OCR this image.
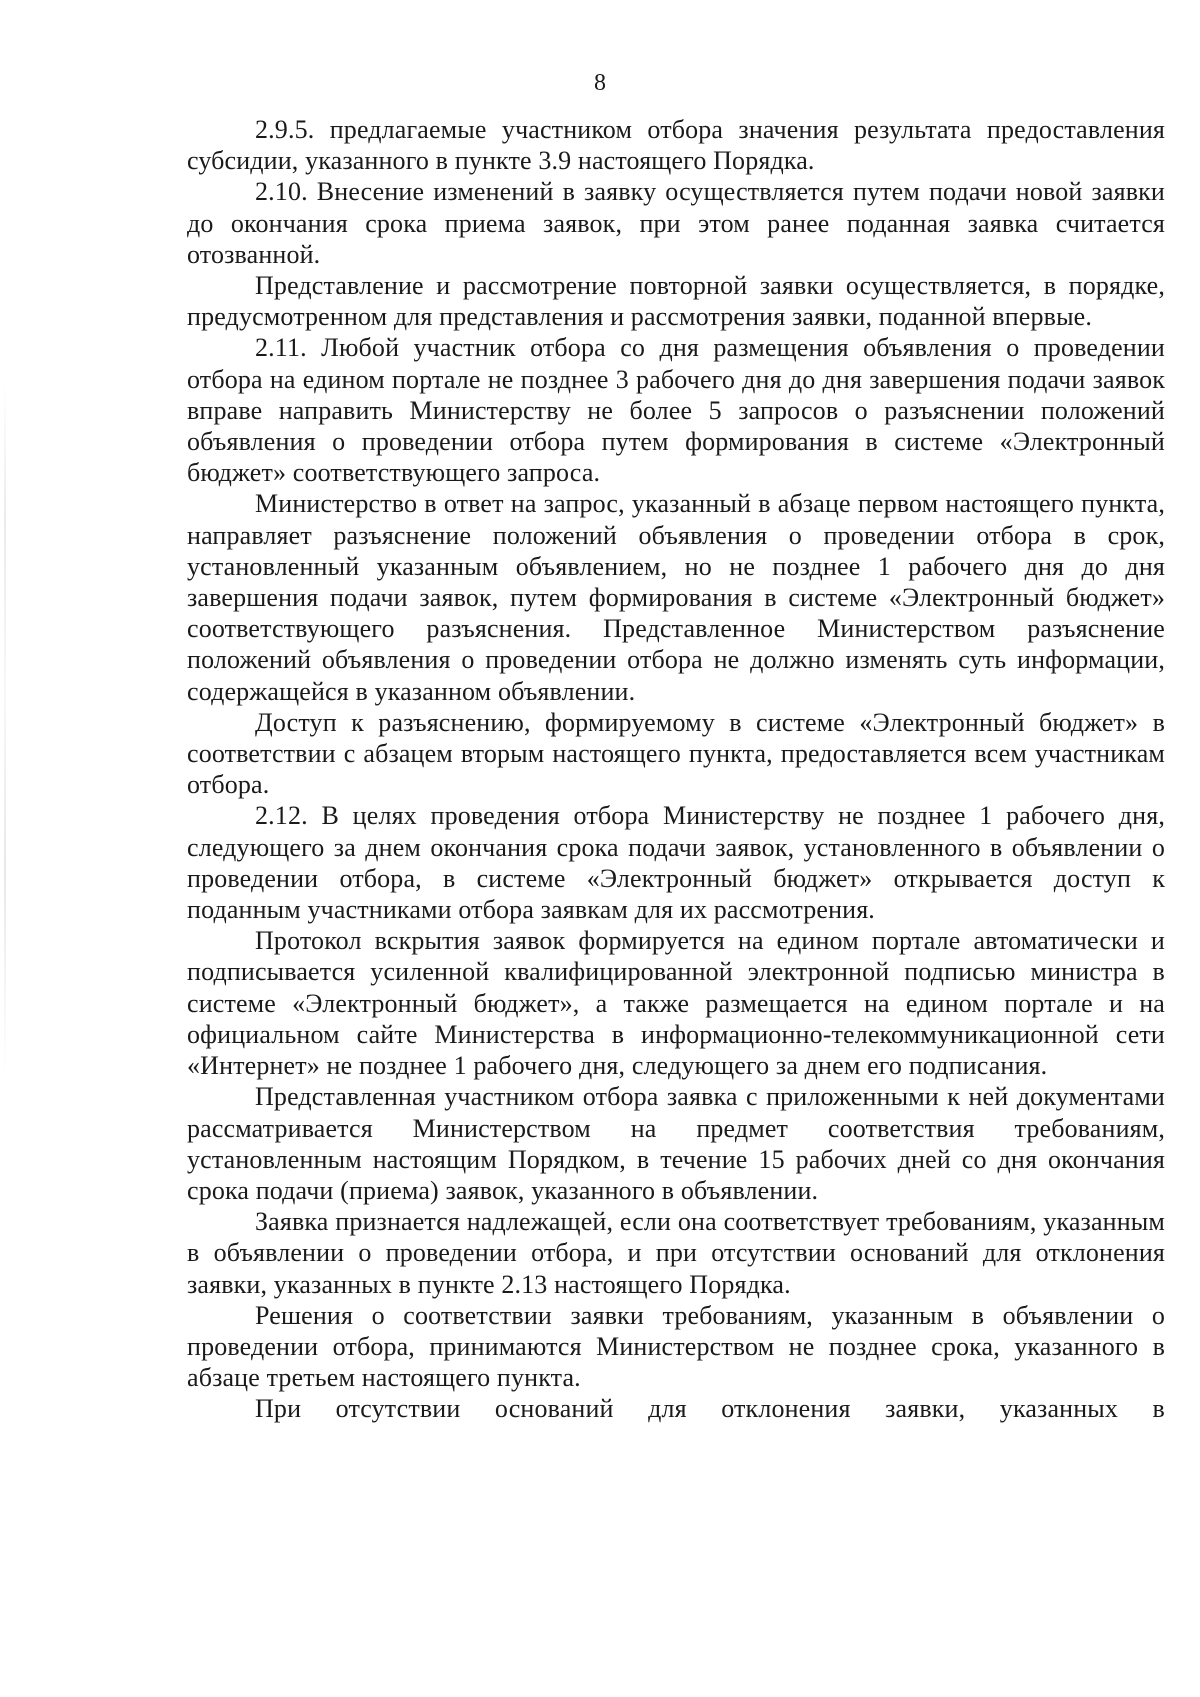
8

2.9.5. предлагаемые участником отбора значения результата предоставления субсидии, указанного в пункте 3.9 настоящего Порядка.

2.10. Внесение изменений в заявку осуществляется путем подачи новой заявки до окончания срока приема заявок, при этом ранее поданная заявка считается отозванной.

Представление и рассмотрение повторной заявки осуществляется, в порядке, предусмотренном для представления и рассмотрения заявки, поданной впервые.

2.11. Любой участник отбора со дня размещения объявления о проведении отбора на едином портале не позднее 3 рабочего дня до дня завершения подачи заявок вправе направить Министерству не более 5 запросов о разъяснении положений объявления о проведении отбора путем формирования в системе «Электронный бюджет» соответствующего запроса.

Министерство в ответ на запрос, указанный в абзаце первом настоящего пункта, направляет разъяснение положений объявления о проведении отбора в срок, установленный указанным объявлением, но не позднее 1 рабочего дня до дня завершения подачи заявок, путем формирования в системе «Электронный бюджет» соответствующего разъяснения. Представленное Министерством разъяснение положений объявления о проведении отбора не должно изменять суть информации, содержащейся в указанном объявлении.

Доступ к разъяснению, формируемому в системе «Электронный бюджет» в соответствии с абзацем вторым настоящего пункта, предоставляется всем участникам отбора.

2.12. В целях проведения отбора Министерству не позднее 1 рабочего дня, следующего за днем окончания срока подачи заявок, установленного в объявлении о проведении отбора, в системе «Электронный бюджет» открывается доступ к поданным участниками отбора заявкам для их рассмотрения.

Протокол вскрытия заявок формируется на едином портале автоматически и подписывается усиленной квалифицированной электронной подписью министра в системе «Электронный бюджет», а также размещается на едином портале и на официальном сайте Министерства в информационно-телекоммуникационной сети «Интернет» не позднее 1 рабочего дня, следующего за днем его подписания.

Представленная участником отбора заявка с приложенными к ней документами рассматривается Министерством на предмет соответствия требованиям, установленным настоящим Порядком, в течение 15 рабочих дней со дня окончания срока подачи (приема) заявок, указанного в объявлении.

Заявка признается надлежащей, если она соответствует требованиям, указанным в объявлении о проведении отбора, и при отсутствии оснований для отклонения заявки, указанных в пункте 2.13 настоящего Порядка.

Решения о соответствии заявки требованиям, указанным в объявлении о проведении отбора, принимаются Министерством не позднее срока, указанного в абзаце третьем настоящего пункта.

При отсутствии оснований для отклонения заявки, указанных в
